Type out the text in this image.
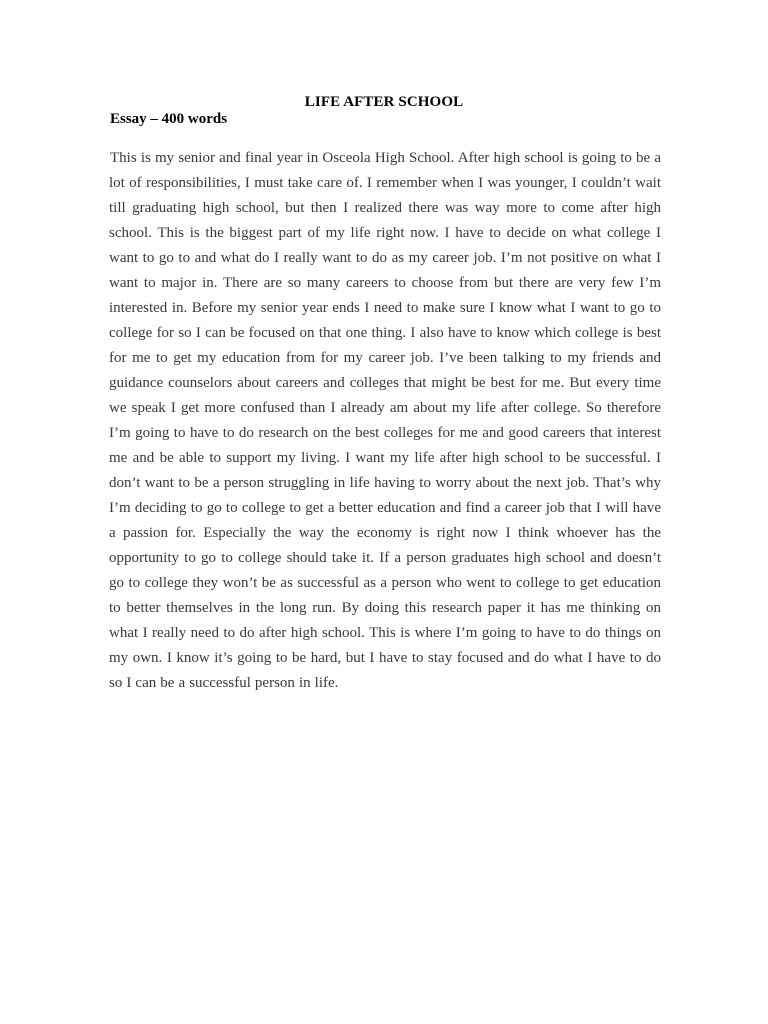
LIFE AFTER SCHOOL
Essay – 400 words

This is my senior and final year in Osceola High School. After high school is going to be a lot of responsibilities, I must take care of. I remember when I was younger, I couldn’t wait till graduating high school, but then I realized there was way more to come after high school. This is the biggest part of my life right now. I have to decide on what college I want to go to and what do I really want to do as my career job. I’m not positive on what I want to major in. There are so many careers to choose from but there are very few I’m interested in. Before my senior year ends I need to make sure I know what I want to go to college for so I can be focused on that one thing. I also have to know which college is best for me to get my education from for my career job. I’ve been talking to my friends and guidance counselors about careers and colleges that might be best for me. But every time we speak I get more confused than I already am about my life after college. So therefore I’m going to have to do research on the best colleges for me and good careers that interest me and be able to support my living. I want my life after high school to be successful. I don’t want to be a person struggling in life having to worry about the next job. That’s why I’m deciding to go to college to get a better education and find a career job that I will have a passion for. Especially the way the economy is right now I think whoever has the opportunity to go to college should take it. If a person graduates high school and doesn’t go to college they won’t be as successful as a person who went to college to get education to better themselves in the long run. By doing this research paper it has me thinking on what I really need to do after high school. This is where I’m going to have to do things on my own. I know it’s going to be hard, but I have to stay focused and do what I have to do so I can be a successful person in life.
